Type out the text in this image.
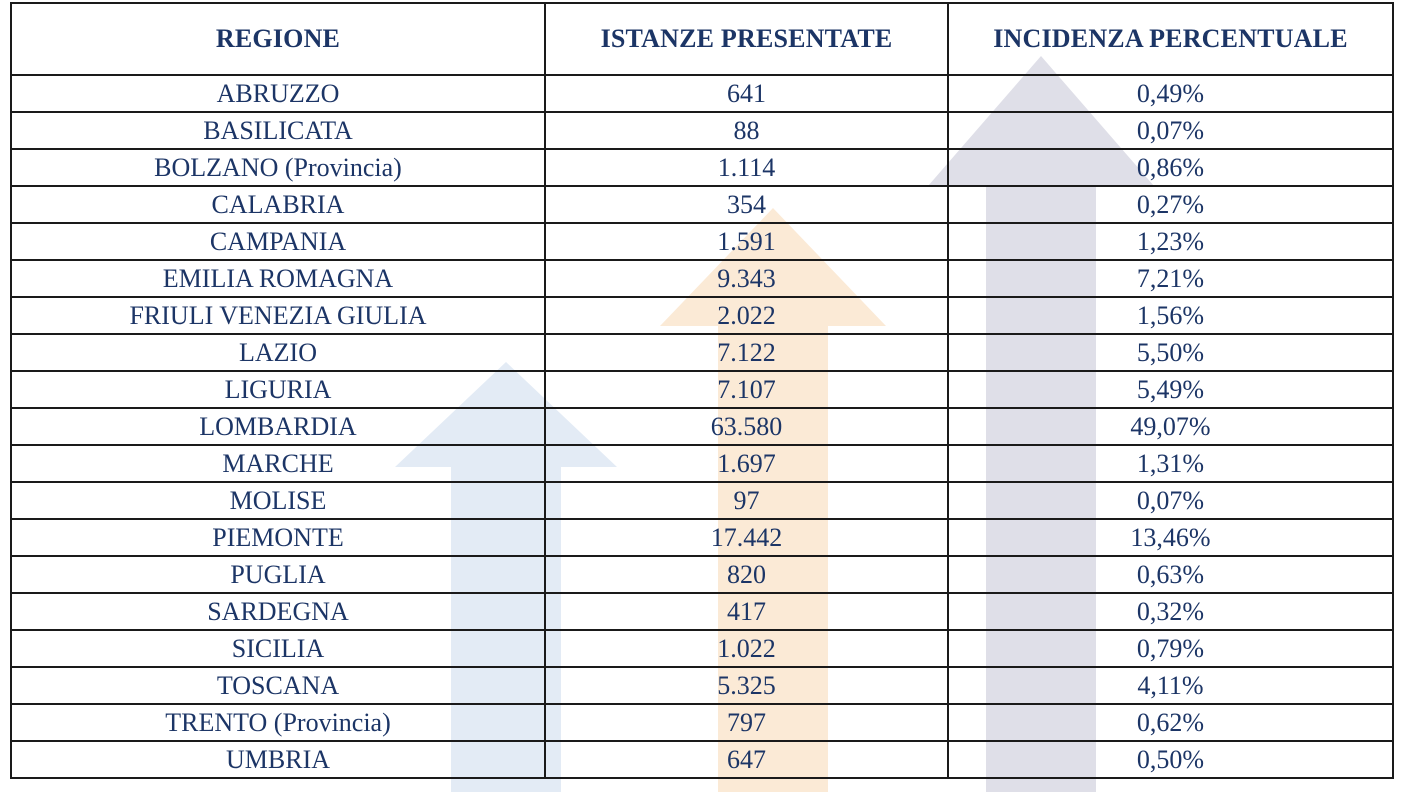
REGIONE	ISTANZE PRESENTATE	INCIDENZA PERCENTUALE
ABRUZZO	641	0,49%
BASILICATA	88	0,07%
BOLZANO (Provincia)	1.114	0,86%
CALABRIA	354	0,27%
CAMPANIA	1.591	1,23%
EMILIA ROMAGNA	9.343	7,21%
FRIULI VENEZIA GIULIA	2.022	1,56%
LAZIO	7.122	5,50%
LIGURIA	7.107	5,49%
LOMBARDIA	63.580	49,07%
MARCHE	1.697	1,31%
MOLISE	97	0,07%
PIEMONTE	17.442	13,46%
PUGLIA	820	0,63%
SARDEGNA	417	0,32%
SICILIA	1.022	0,79%
TOSCANA	5.325	4,11%
TRENTO (Provincia)	797	0,62%
UMBRIA	647	0,50%
